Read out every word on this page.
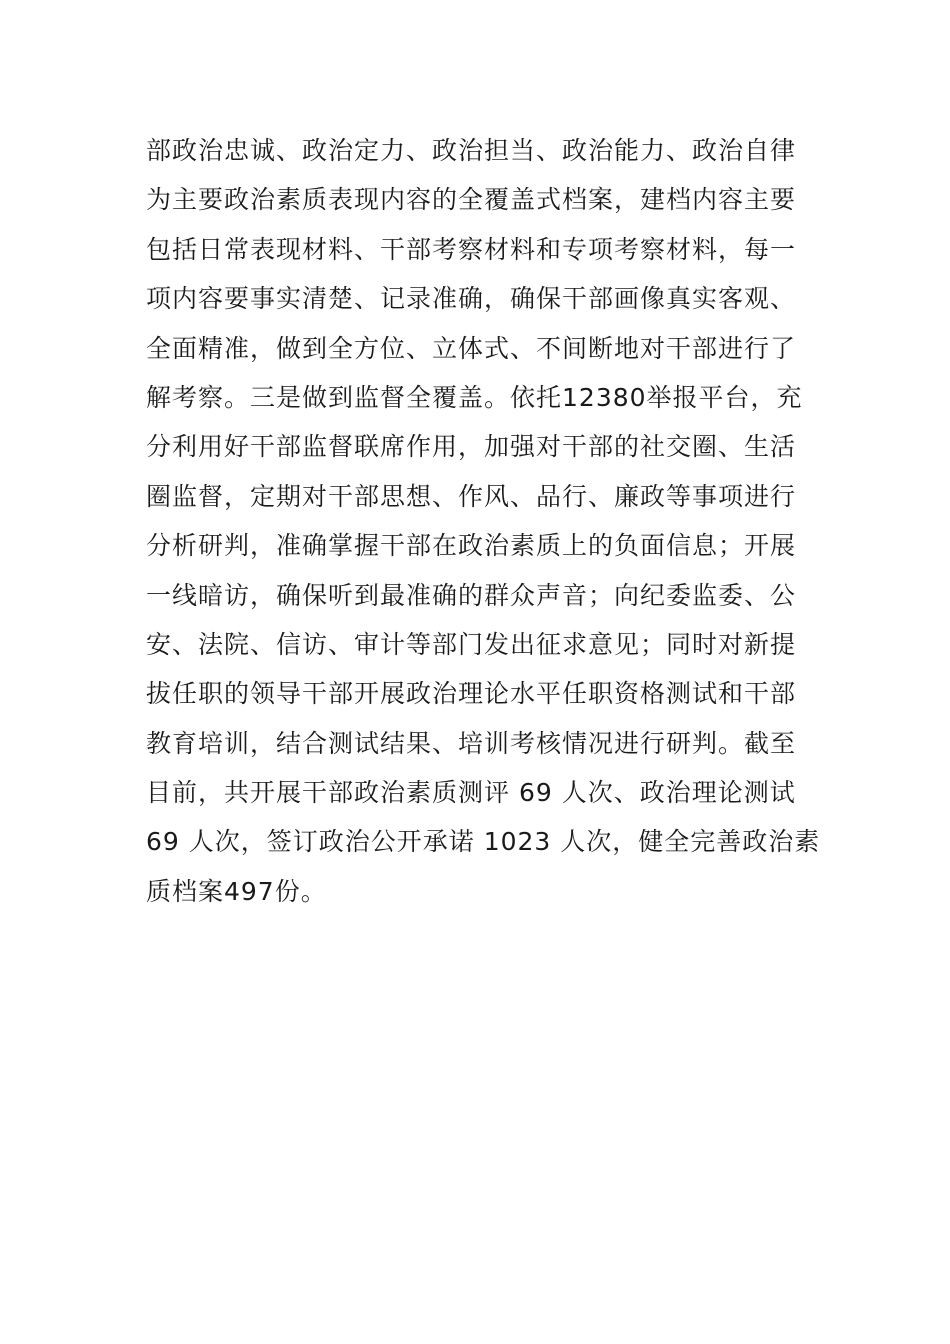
部政治忠诚、政治定力、政治担当、政治能力、政治自律
为主要政治素质表现内容的全覆盖式档案，建档内容主要
包括日常表现材料、干部考察材料和专项考察材料，每一
项内容要事实清楚、记录准确，确保干部画像真实客观、
全面精准，做到全方位、立体式、不间断地对干部进行了
解考察。三是做到监督全覆盖。依托12380举报平台，充
分利用好干部监督联席作用，加强对干部的社交圈、生活
圈监督，定期对干部思想、作风、品行、廉政等事项进行
分析研判，准确掌握干部在政治素质上的负面信息；开展
一线暗访，确保听到最准确的群众声音；向纪委监委、公
安、法院、信访、审计等部门发出征求意见；同时对新提
拔任职的领导干部开展政治理论水平任职资格测试和干部
教育培训，结合测试结果、培训考核情况进行研判。截至
目前，共开展干部政治素质测评 69 人次、政治理论测试
69 人次，签订政治公开承诺 1023 人次，健全完善政治素
质档案497份。
